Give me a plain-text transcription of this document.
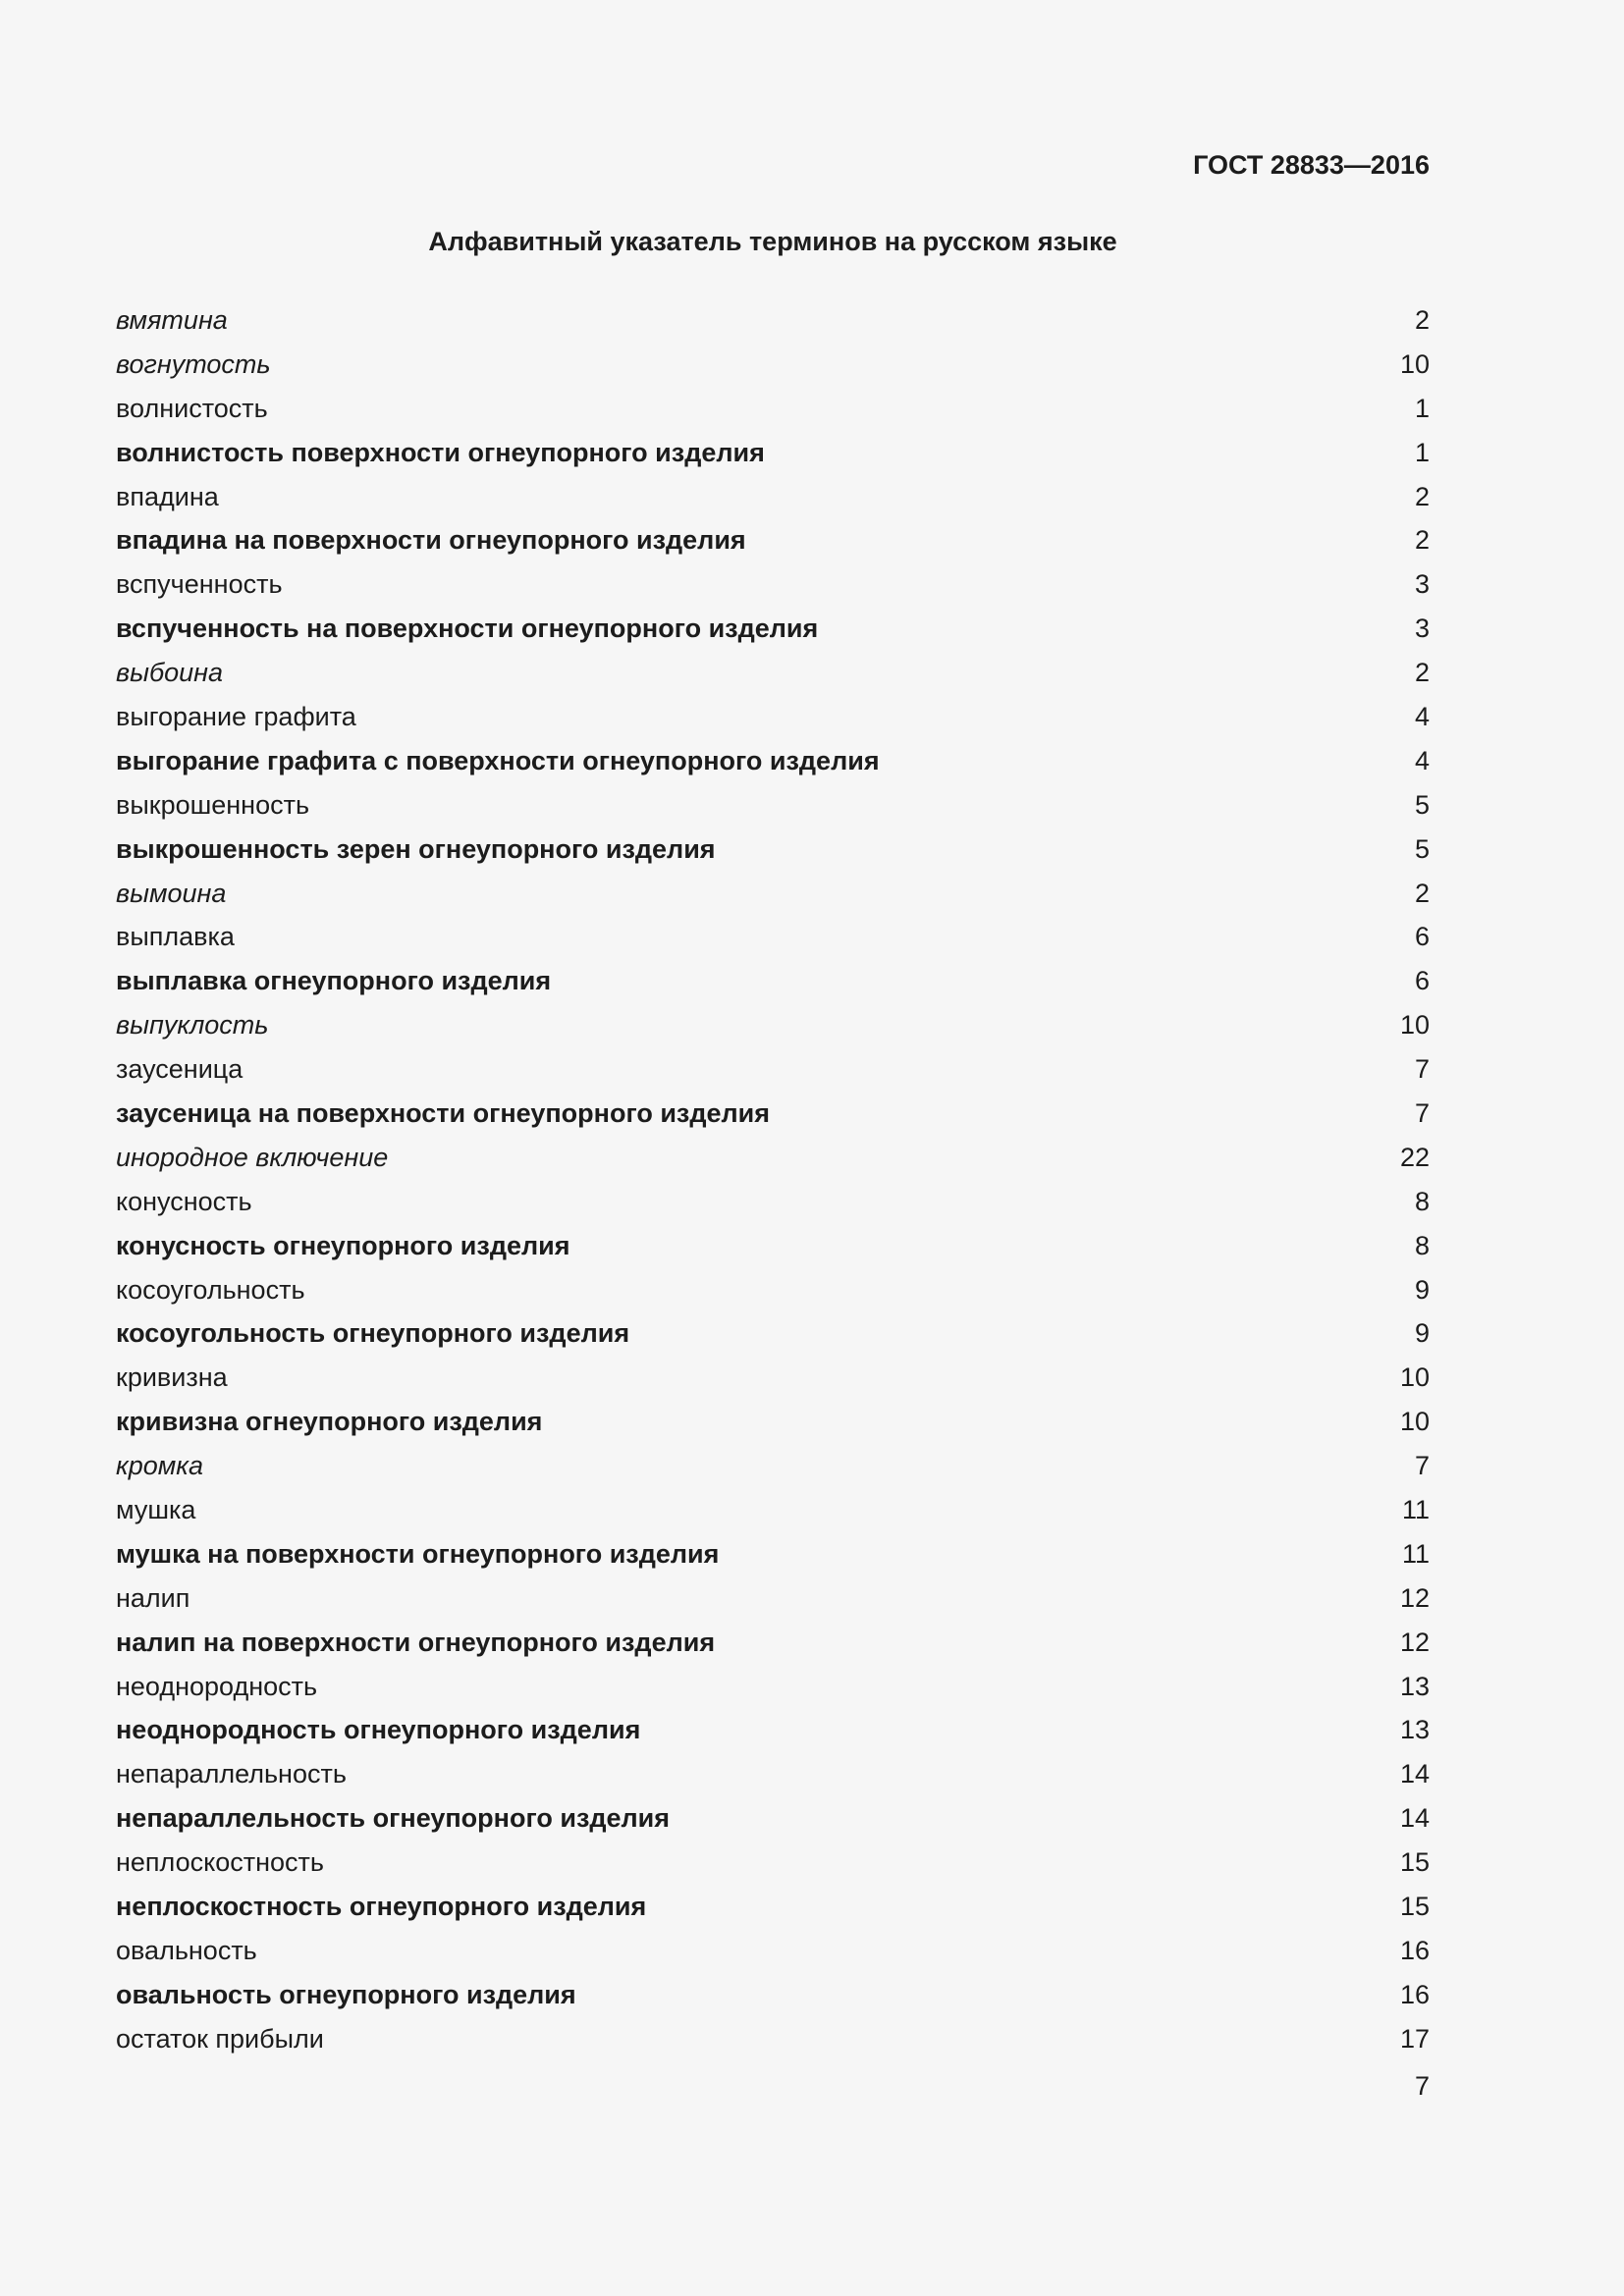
ГОСТ 28833—2016
Алфавитный указатель терминов на русском языке
вмятина	2
вогнутость	10
волнистость	1
волнистость поверхности огнеупорного изделия	1
впадина	2
впадина на поверхности огнеупорного изделия	2
вспученность	3
вспученность на поверхности огнеупорного изделия	3
выбоина	2
выгорание графита	4
выгорание графита с поверхности огнеупорного изделия	4
выкрошенность	5
выкрошенность зерен огнеупорного изделия	5
вымоина	2
выплавка	6
выплавка огнеупорного изделия	6
выпуклость	10
заусеница	7
заусеница на поверхности огнеупорного изделия	7
инородное включение	22
конусность	8
конусность огнеупорного изделия	8
косоугольность	9
косоугольность огнеупорного изделия	9
кривизна	10
кривизна огнеупорного изделия	10
кромка	7
мушка	11
мушка на поверхности огнеупорного изделия	11
налип	12
налип на поверхности огнеупорного изделия	12
неоднородность	13
неоднородность огнеупорного изделия	13
непараллельность	14
непараллельность огнеупорного изделия	14
неплоскостность	15
неплоскостность огнеупорного изделия	15
овальность	16
овальность огнеупорного изделия	16
остаток прибыли	17
7
